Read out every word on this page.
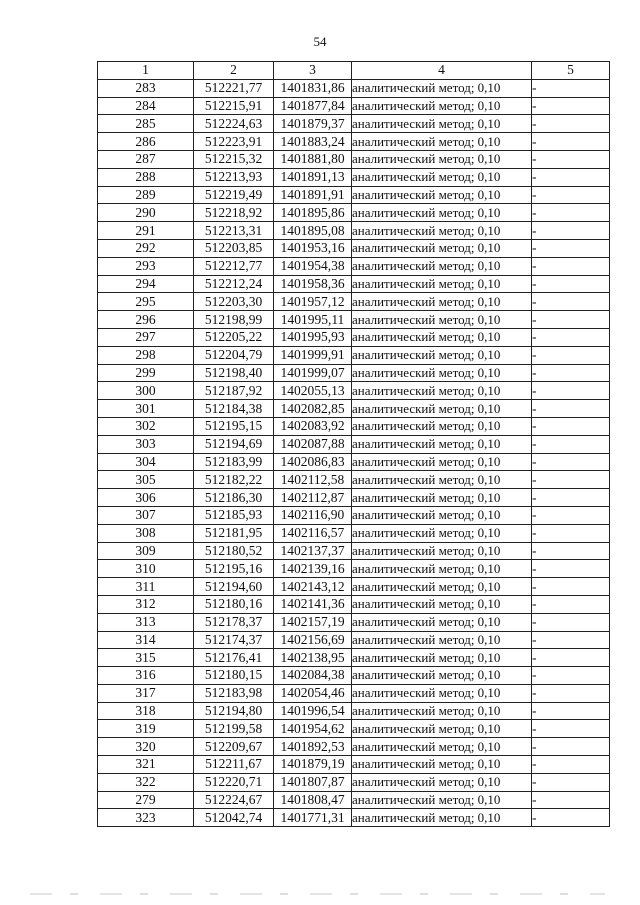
54
1	2	3	4	5
283	512221,77	1401831,86	аналитический метод; 0,10	-
284	512215,91	1401877,84	аналитический метод; 0,10	-
285	512224,63	1401879,37	аналитический метод; 0,10	-
286	512223,91	1401883,24	аналитический метод; 0,10	-
287	512215,32	1401881,80	аналитический метод; 0,10	-
288	512213,93	1401891,13	аналитический метод; 0,10	-
289	512219,49	1401891,91	аналитический метод; 0,10	-
290	512218,92	1401895,86	аналитический метод; 0,10	-
291	512213,31	1401895,08	аналитический метод; 0,10	-
292	512203,85	1401953,16	аналитический метод; 0,10	-
293	512212,77	1401954,38	аналитический метод; 0,10	-
294	512212,24	1401958,36	аналитический метод; 0,10	-
295	512203,30	1401957,12	аналитический метод; 0,10	-
296	512198,99	1401995,11	аналитический метод; 0,10	-
297	512205,22	1401995,93	аналитический метод; 0,10	-
298	512204,79	1401999,91	аналитический метод; 0,10	-
299	512198,40	1401999,07	аналитический метод; 0,10	-
300	512187,92	1402055,13	аналитический метод; 0,10	-
301	512184,38	1402082,85	аналитический метод; 0,10	-
302	512195,15	1402083,92	аналитический метод; 0,10	-
303	512194,69	1402087,88	аналитический метод; 0,10	-
304	512183,99	1402086,83	аналитический метод; 0,10	-
305	512182,22	1402112,58	аналитический метод; 0,10	-
306	512186,30	1402112,87	аналитический метод; 0,10	-
307	512185,93	1402116,90	аналитический метод; 0,10	-
308	512181,95	1402116,57	аналитический метод; 0,10	-
309	512180,52	1402137,37	аналитический метод; 0,10	-
310	512195,16	1402139,16	аналитический метод; 0,10	-
311	512194,60	1402143,12	аналитический метод; 0,10	-
312	512180,16	1402141,36	аналитический метод; 0,10	-
313	512178,37	1402157,19	аналитический метод; 0,10	-
314	512174,37	1402156,69	аналитический метод; 0,10	-
315	512176,41	1402138,95	аналитический метод; 0,10	-
316	512180,15	1402084,38	аналитический метод; 0,10	-
317	512183,98	1402054,46	аналитический метод; 0,10	-
318	512194,80	1401996,54	аналитический метод; 0,10	-
319	512199,58	1401954,62	аналитический метод; 0,10	-
320	512209,67	1401892,53	аналитический метод; 0,10	-
321	512211,67	1401879,19	аналитический метод; 0,10	-
322	512220,71	1401807,87	аналитический метод; 0,10	-
279	512224,67	1401808,47	аналитический метод; 0,10	-
323	512042,74	1401771,31	аналитический метод; 0,10	-
